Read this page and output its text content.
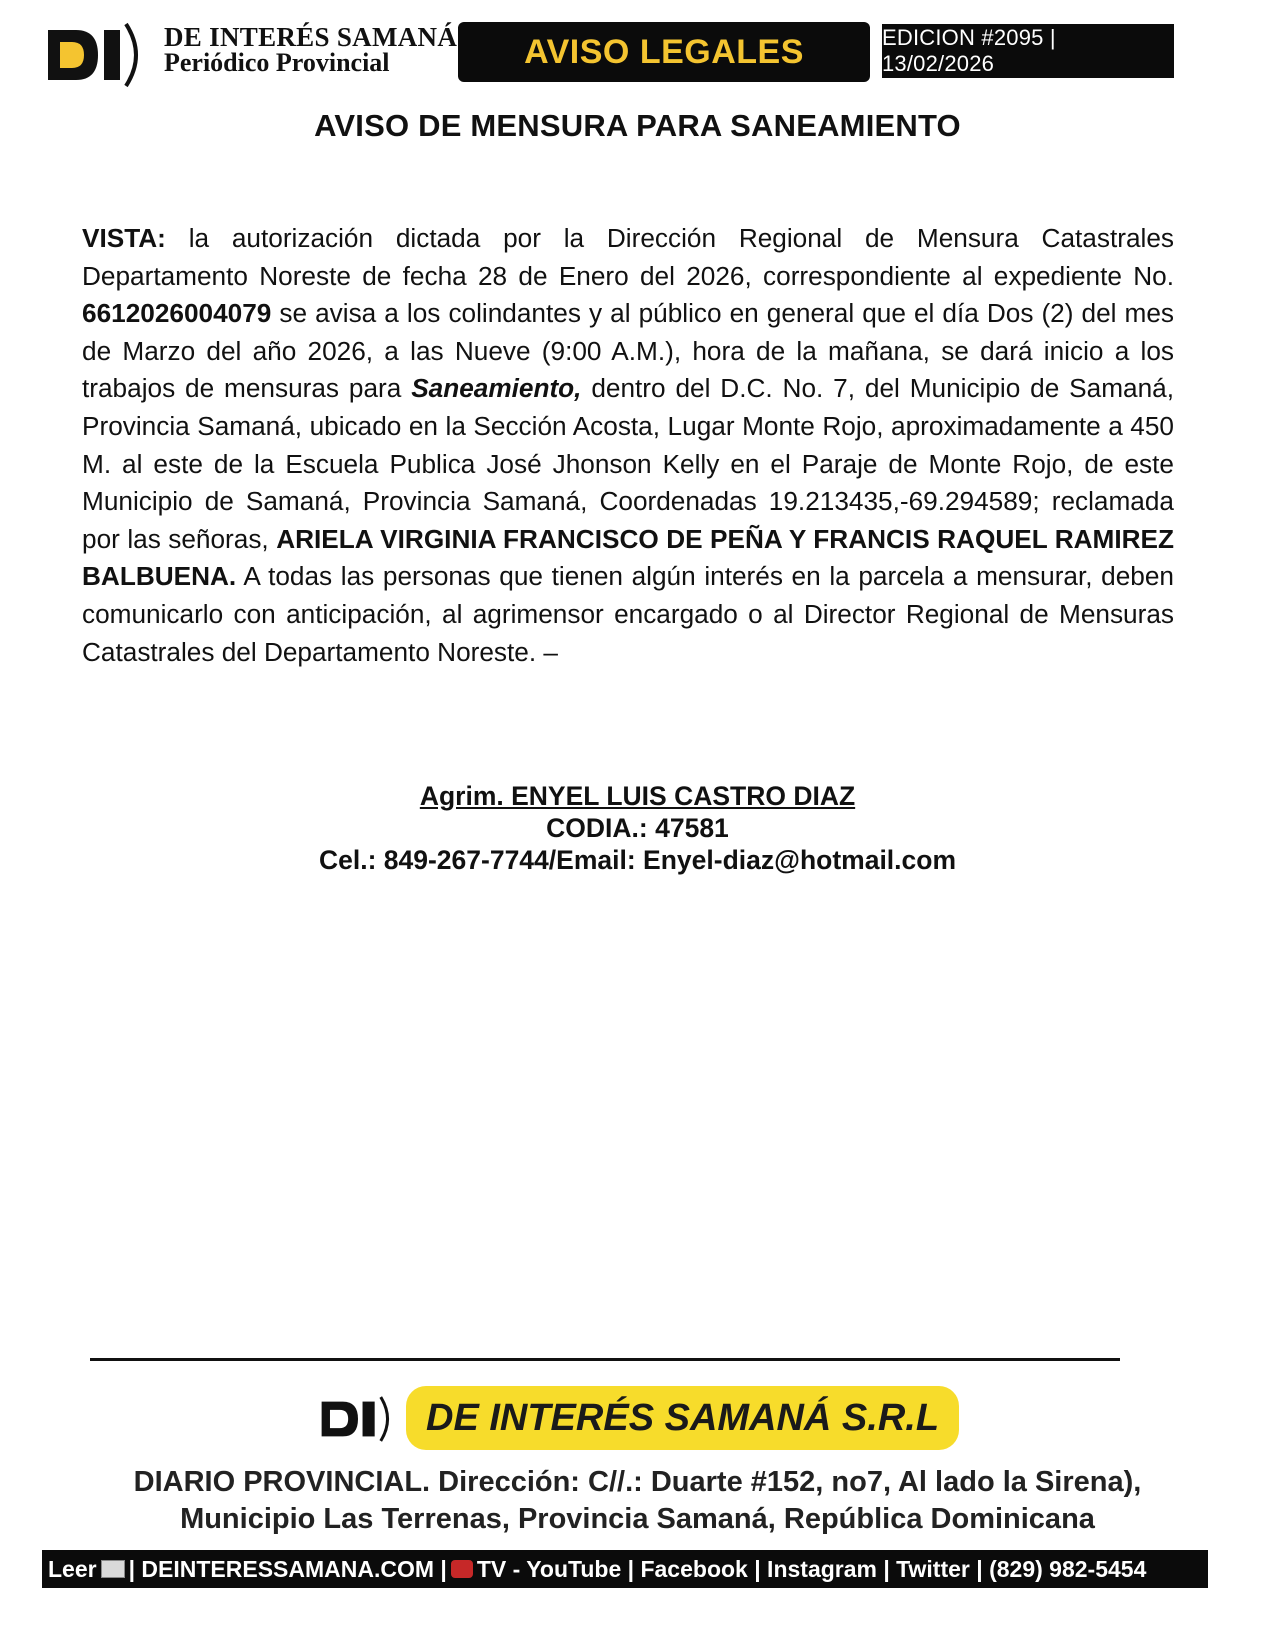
DE INTERÉS SAMANÁ
Periódico Provincial	AVISO LEGALES	EDICION #2095 | 13/02/2026
AVISO DE MENSURA PARA SANEAMIENTO

VISTA: la autorización dictada por la Dirección Regional de Mensura Catastrales Departamento Noreste de fecha 28 de Enero del 2026, correspondiente al expediente No. 6612026004079 se avisa a los colindantes y al público en general que el día Dos (2) del mes de Marzo del año 2026, a las Nueve (9:00 A.M.), hora de la mañana, se dará inicio a los trabajos de mensuras para Saneamiento, dentro del D.C. No. 7, del Municipio de Samaná, Provincia Samaná, ubicado en la Sección Acosta, Lugar Monte Rojo, aproximadamente a 450 M. al este de la Escuela Publica José Jhonson Kelly en el Paraje de Monte Rojo, de este Municipio de Samaná, Provincia Samaná, Coordenadas 19.213435,-69.294589; reclamada por las señoras, ARIELA VIRGINIA FRANCISCO DE PEÑA Y FRANCIS RAQUEL RAMIREZ BALBUENA. A todas las personas que tienen algún interés en la parcela a mensurar, deben comunicarlo con anticipación, al agrimensor encargado o al Director Regional de Mensuras Catastrales del Departamento Noreste. –

Agrim. ENYEL LUIS CASTRO DIAZ
CODIA.: 47581
Cel.: 849-267-7744/Email: Enyel-diaz@hotmail.com
DE INTERÉS SAMANÁ S.R.L
DIARIO PROVINCIAL. Dirección: C//.: Duarte #152, no7, Al lado la Sirena),
Municipio Las Terrenas, Provincia Samaná, República Dominicana
Leer | DEINTERESSAMANA.COM | TV - YouTube | Facebook | Instagram | Twitter | (829) 982-5454
